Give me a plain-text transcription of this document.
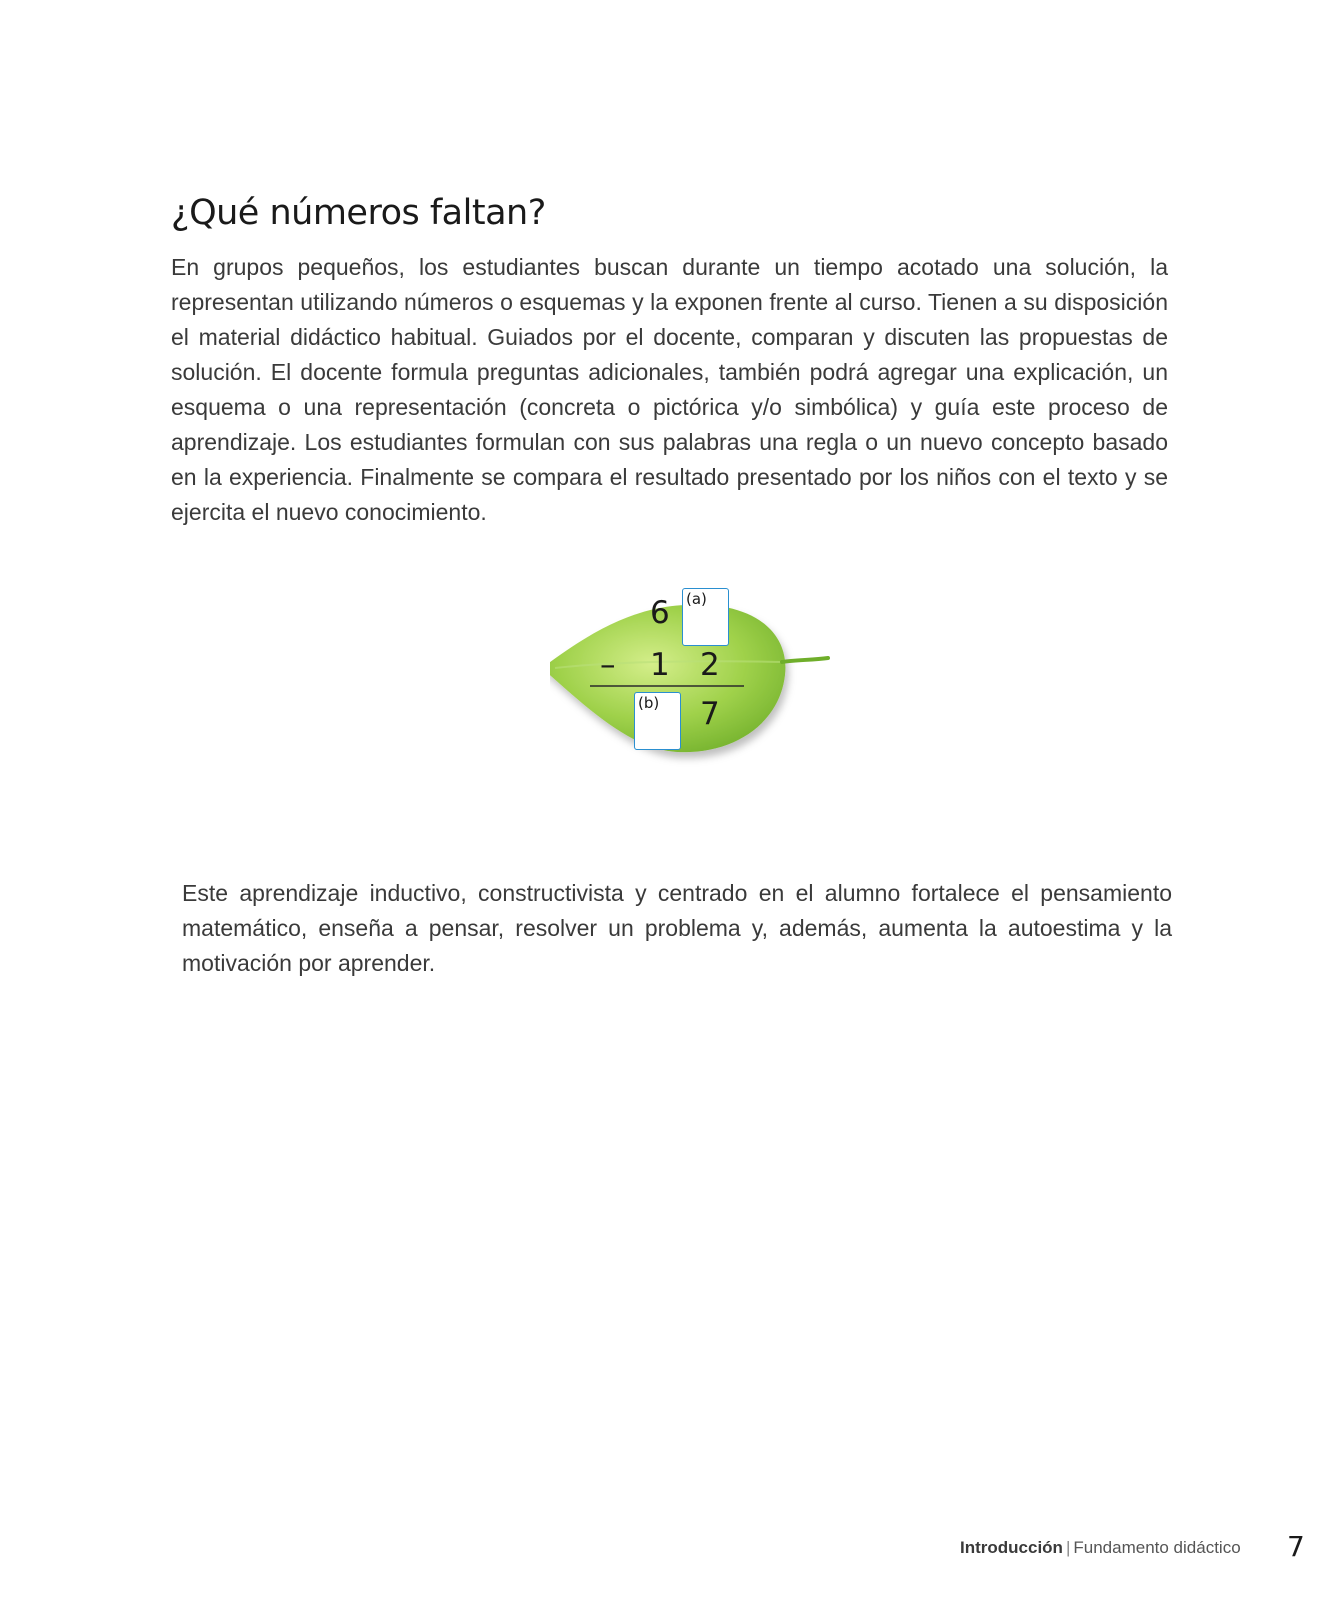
¿Qué números faltan?

En grupos pequeños, los estudiantes buscan durante un tiempo acotado una solución, la representan utilizando números o esquemas y la exponen frente al curso. Tienen a su disposición el material didáctico habitual. Guiados por el docente, comparan y discuten las propuestas de solución. El docente formula preguntas adicionales, también podrá agregar una explicación, un esquema o una representación (concreta o pictórica y/o simbólica) y guía este proceso de aprendizaje. Los estudiantes formulan con sus palabras una regla o un nuevo concepto basado en la experiencia. Finalmente se compara el resultado presentado por los niños con el texto y se ejercita el nuevo conocimiento.

6 (a)
– 1 2
(b) 7

Este aprendizaje inductivo, constructivista y centrado en el alumno fortalece el pensamiento matemático, enseña a pensar, resolver un problema y, además, aumenta la autoestima y la motivación por aprender.

Introducción | Fundamento didáctico 7
